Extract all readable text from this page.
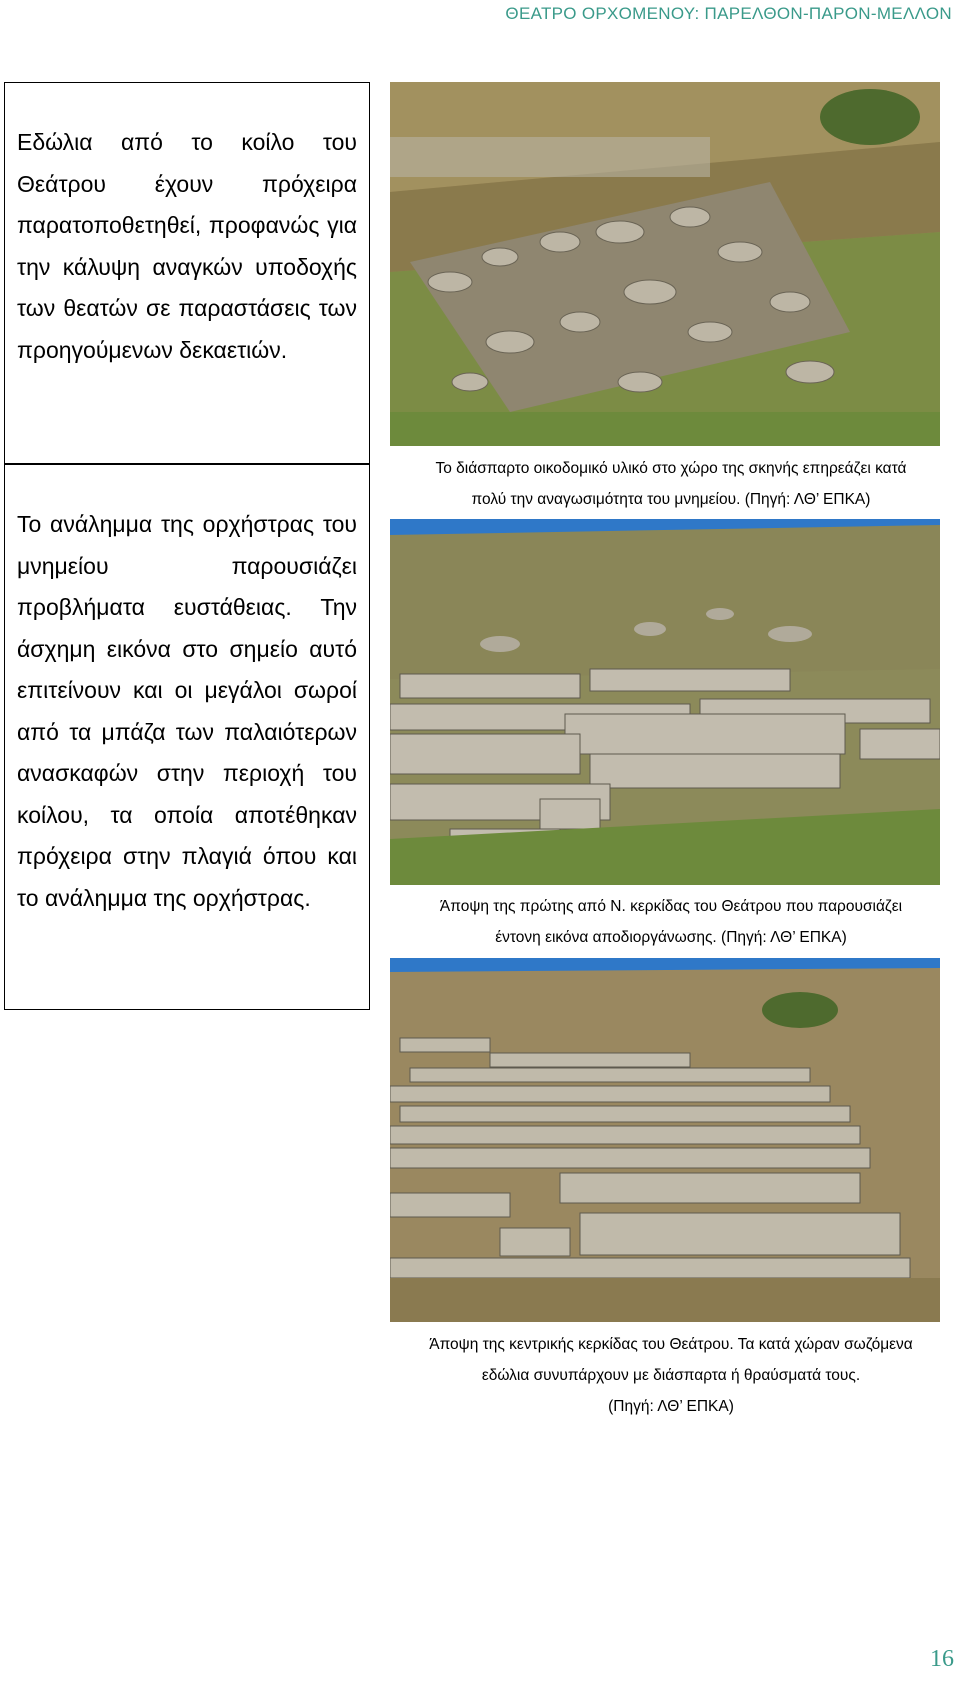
ΘΕΑΤΡΟ ΟΡΧΟΜΕΝΟΥ: ΠΑΡΕΛΘΟΝ-ΠΑΡΟΝ-ΜΕΛΛΟΝ

Εδώλια από το κοίλο του Θεάτρου έχουν πρόχειρα παρατοποθετηθεί, προφανώς για την κάλυψη αναγκών υποδοχής των θεατών σε παραστάσεις των προηγούμενων δεκαετιών.

Το ανάλημμα της ορχήστρας του μνημείου παρουσιάζει προβλήματα ευστάθειας. Την άσχημη εικόνα στο σημείο αυτό επιτείνουν και οι μεγάλοι σωροί από τα μπάζα των παλαιότερων ανασκαφών στην περιοχή του κοίλου, τα οποία αποτέθηκαν πρόχειρα στην πλαγιά όπου και το ανάλημμα της ορχήστρας.

Το διάσπαρτο οικοδομικό υλικό στο χώρο της σκηνής επηρεάζει κατά
πολύ την αναγωσιμότητα του μνημείου. (Πηγή: ΛΘ’ ΕΠΚΑ)
Άποψη της πρώτης από Ν. κερκίδας του Θεάτρου που παρουσιάζει
έντονη εικόνα αποδιοργάνωσης. (Πηγή: ΛΘ’ ΕΠΚΑ)
Άποψη της κεντρικής κερκίδας του Θεάτρου. Τα κατά χώραν σωζόμενα
εδώλια συνυπάρχουν με διάσπαρτα ή θραύσματά τους.
(Πηγή: ΛΘ’ ΕΠΚΑ)
16
